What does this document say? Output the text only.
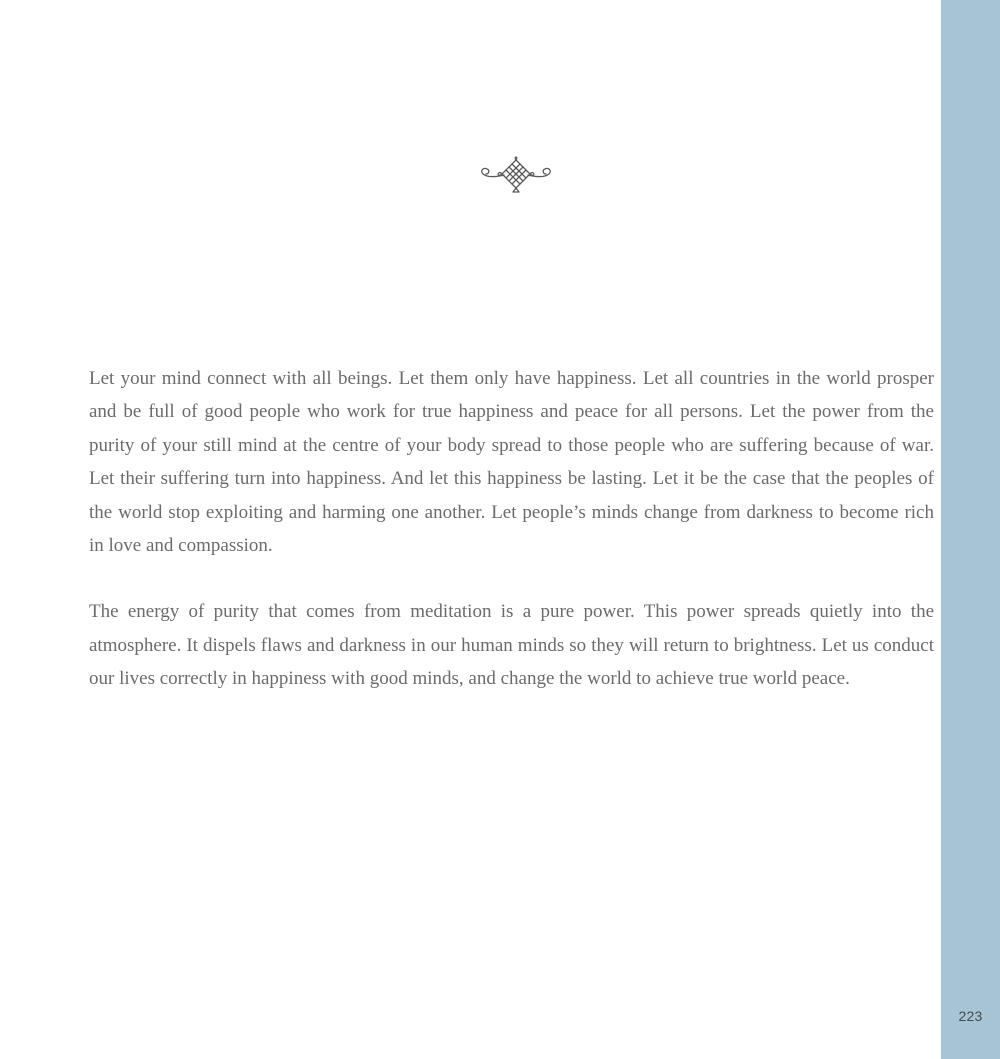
Let your mind connect with all beings. Let them only have happiness. Let all countries in the world prosper and be full of good people who work for true happiness and peace for all persons. Let the power from the purity of your still mind at the centre of your body spread to those people who are suffering because of war. Let their suffering turn into happiness. And let this happiness be lasting. Let it be the case that the peoples of the world stop exploiting and harming one another. Let people’s minds change from darkness to become rich in love and compassion.

The energy of purity that comes from meditation is a pure power. This power spreads quietly into the atmosphere. It dispels flaws and darkness in our human minds so they will return to brightness. Let us conduct our lives correctly in happiness with good minds, and change the world to achieve true world peace.

223
